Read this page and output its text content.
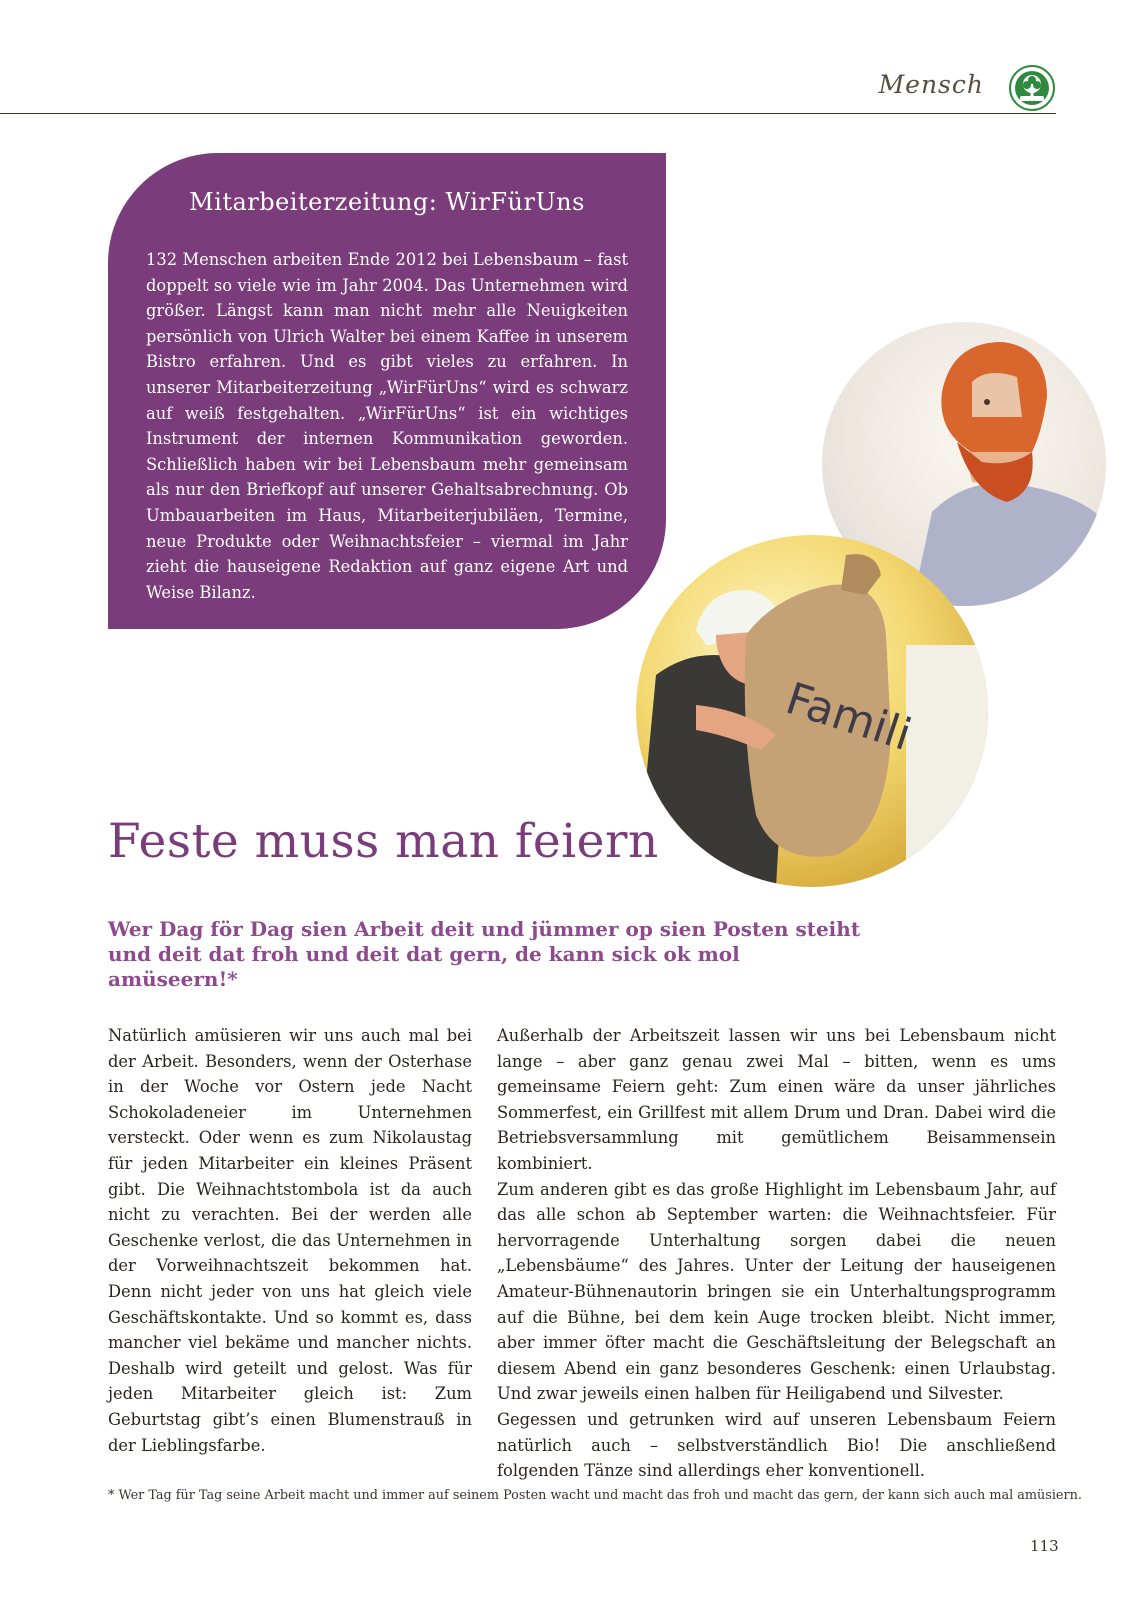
Mensch
Mitarbeiterzeitung: WirFürUns
132 Menschen arbeiten Ende 2012 bei Lebensbaum – fast doppelt so viele wie im Jahr 2004. Das Unternehmen wird größer. Längst kann man nicht mehr alle Neuigkeiten persönlich von Ulrich Walter bei einem Kaffee in unserem Bistro erfahren. Und es gibt vieles zu erfahren. In unserer Mitarbeiterzeitung „WirFürUns“ wird es schwarz auf weiß festgehalten. „WirFürUns“ ist ein wichtiges Instrument der internen Kommunikation geworden. Schließlich haben wir bei Lebensbaum mehr gemeinsam als nur den Briefkopf auf unserer Gehaltsabrechnung. Ob Umbauarbeiten im Haus, Mitarbeiterjubiläen, Termine, neue Produkte oder Weihnachtsfeier – viermal im Jahr zieht die hauseigene Redaktion auf ganz eigene Art und Weise Bilanz.
Famili
Feste muss man feiern
Wer Dag för Dag sien Arbeit deit und jümmer op sien Posten steiht
und deit dat froh und deit dat gern, de kann sick ok mol amüseern!*

Natürlich amüsieren wir uns auch mal bei der Arbeit. Besonders, wenn der Osterhase in der Woche vor Ostern jede Nacht Schokoladeneier im Unternehmen versteckt. Oder wenn es zum Nikolaustag für jeden Mitarbeiter ein kleines Präsent gibt. Die Weihnachtstombola ist da auch nicht zu verachten. Bei der werden alle Geschenke verlost, die das Unternehmen in der Vorweihnachtszeit bekommen hat. Denn nicht jeder von uns hat gleich viele Geschäftskontakte. Und so kommt es, dass mancher viel bekäme und mancher nichts. Deshalb wird geteilt und gelost. Was für jeden Mitarbeiter gleich ist: Zum Geburtstag gibt’s einen Blumenstrauß in der Lieblingsfarbe.

Außerhalb der Arbeitszeit lassen wir uns bei Lebensbaum nicht lange – aber ganz genau zwei Mal – bitten, wenn es ums gemeinsame Feiern geht: Zum einen wäre da unser jährliches Sommerfest, ein Grillfest mit allem Drum und Dran. Dabei wird die Betriebsversammlung mit gemütlichem Beisammensein kombiniert.

Zum anderen gibt es das große Highlight im Lebensbaum Jahr, auf das alle schon ab September warten: die Weihnachtsfeier. Für hervorragende Unterhaltung sorgen dabei die neuen „Lebensbäume“ des Jahres. Unter der Leitung der hauseigenen Amateur-Bühnenautorin bringen sie ein Unterhaltungsprogramm auf die Bühne, bei dem kein Auge trocken bleibt. Nicht immer, aber immer öfter macht die Geschäftsleitung der Belegschaft an diesem Abend ein ganz besonderes Geschenk: einen Urlaubstag. Und zwar jeweils einen halben für Heiligabend und Silvester.

Gegessen und getrunken wird auf unseren Lebensbaum Feiern natürlich auch – selbstverständlich Bio! Die anschließend folgenden Tänze sind allerdings eher konventionell.

* Wer Tag für Tag seine Arbeit macht und immer auf seinem Posten wacht und macht das froh und macht das gern, der kann sich auch mal amüsiern.
113
